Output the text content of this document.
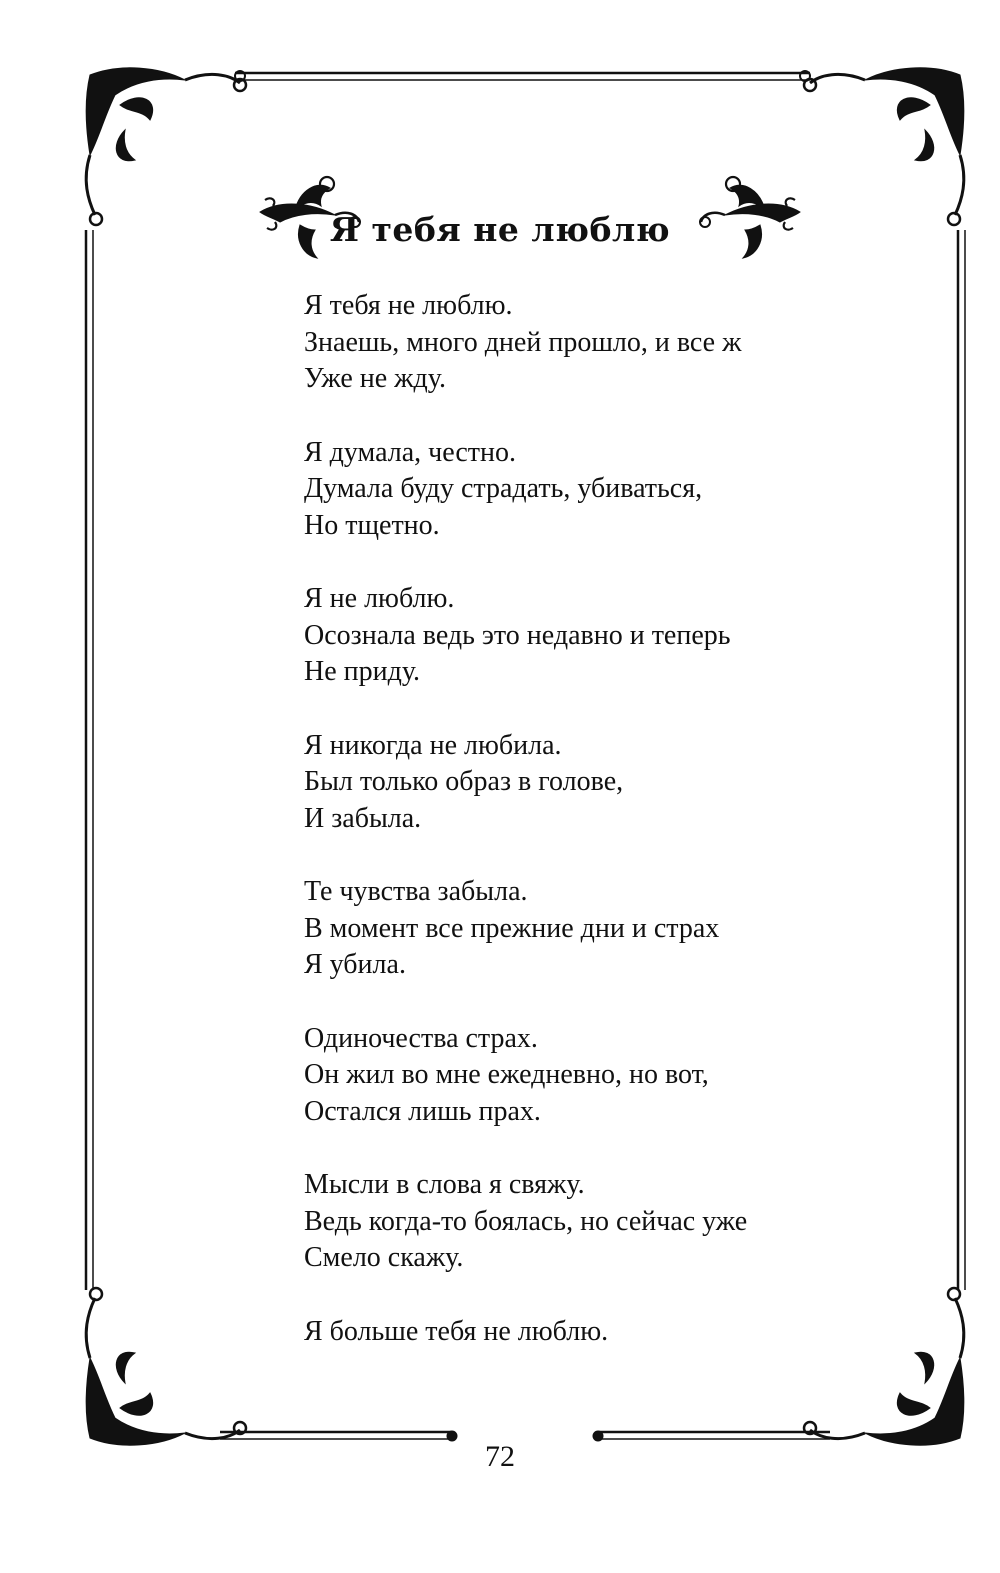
Я тебя не люблю
Я тебя не люблю.
Знаешь, много дней прошло, и все ж
Уже не жду.
Я думала, честно.
Думала буду страдать, убиваться,
Но тщетно.
Я не люблю.
Осознала ведь это недавно и теперь
Не приду.
Я никогда не любила.
Был только образ в голове,
И забыла.
Те чувства забыла.
В момент все прежние дни и страх
Я убила.
Одиночества страх.
Он жил во мне ежедневно, но вот,
Остался лишь прах.
Мысли в слова я свяжу.
Ведь когда-то боялась, но сейчас уже
Смело скажу.
Я больше тебя не люблю.
72
